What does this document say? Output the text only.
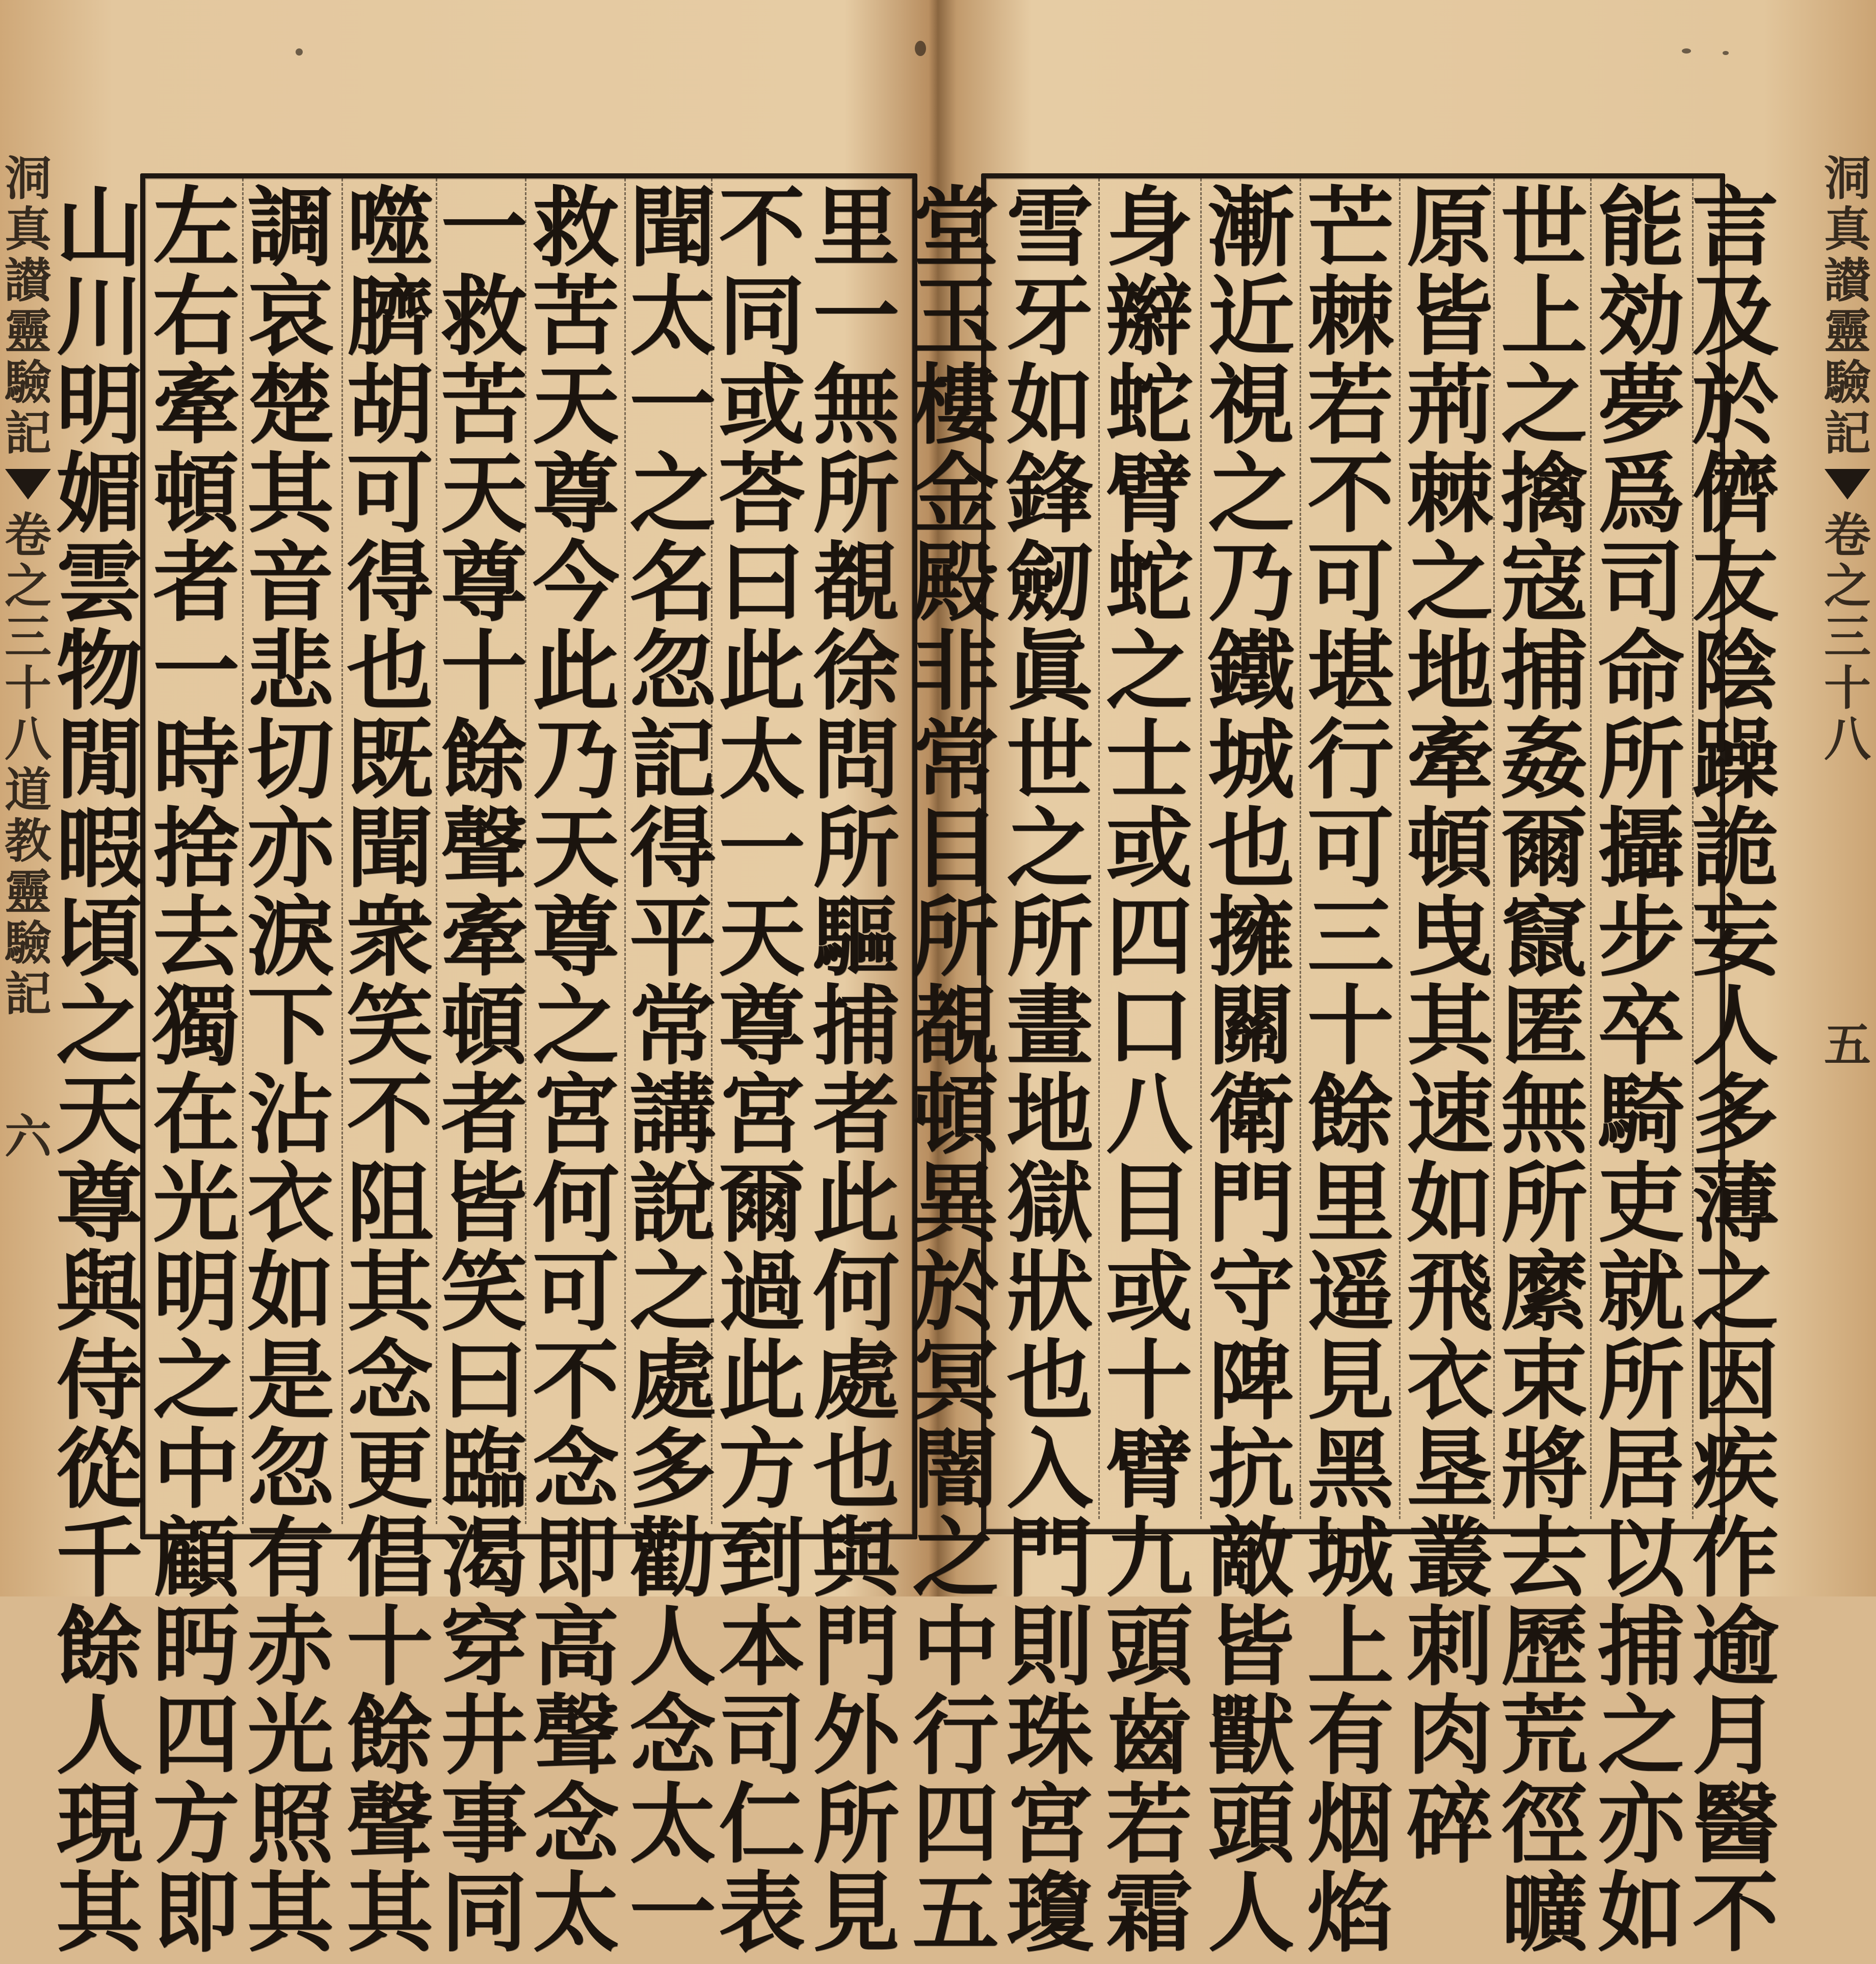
里
一
無
所
覩
徐
問
所
驅
捕
者
此
何
處
也
與
門
外
所
見
不
同
或
荅
曰
此
太
一
天
尊
宮
爾
過
此
方
到
本
司
仁
表
聞
太
一
之
名
忽
記
得
平
常
講
說
之
處
多
勸
人
念
太
一
救
苦
天
尊
今
此
乃
天
尊
之
宮
何
可
不
念
即
高
聲
念
太
一
救
苦
天
尊
十
餘
聲
牽
頓
者
皆
笑
曰
臨
渴
穿
井
事
同
噬
臍
胡
可
得
也
既
聞
衆
笑
不
阻
其
念
更
倡
十
餘
聲
其
調
哀
楚
其
音
悲
切
亦
淚
下
沾
衣
如
是
忽
有
赤
光
照
其
左
右
牽
頓
者
一
時
捨
去
獨
在
光
明
之
中
顧
眄
四
方
即
山
川
明
媚
雲
物
閒
暇
頃
之
天
尊
與
侍
從
千
餘
人
現
其
洞
真
讃
靈
驗
記
卷
之
三
十
八
道
教
靈
驗
記
六
言
及
於
儕
友
陰
躁
詭
妄
人
多
薄
之
因
疾
作
逾
月
醫
不
能
効
夢
爲
司
命
所
攝
步
卒
騎
吏
就
所
居
以
捕
之
亦
如
世
上
之
擒
寇
捕
姦
爾
竄
匿
無
所
縻
束
將
去
歷
荒
徑
曠
原
皆
荊
棘
之
地
牽
頓
曳
其
速
如
飛
衣
垦
叢
刺
肉
碎
芒
棘
若
不
可
堪
行
可
三
十
餘
里
遥
見
黑
城
上
有
烟
焰
漸
近
視
之
乃
鐵
城
也
擁
關
衛
門
守
陴
抗
敵
皆
獸
頭
人
身
辮
蛇
臂
蛇
之
士
或
四
口
八
目
或
十
臂
九
頭
齒
若
霜
雪
牙
如
鋒
劒
眞
世
之
所
畫
地
獄
狀
也
入
門
則
珠
宮
瓊
堂
玉
樓
金
殿
非
常
目
所
覩
頓
異
於
冥
闇
之
中
行
四
五
洞
真
讃
靈
驗
記
卷
之
三
十
八
五
